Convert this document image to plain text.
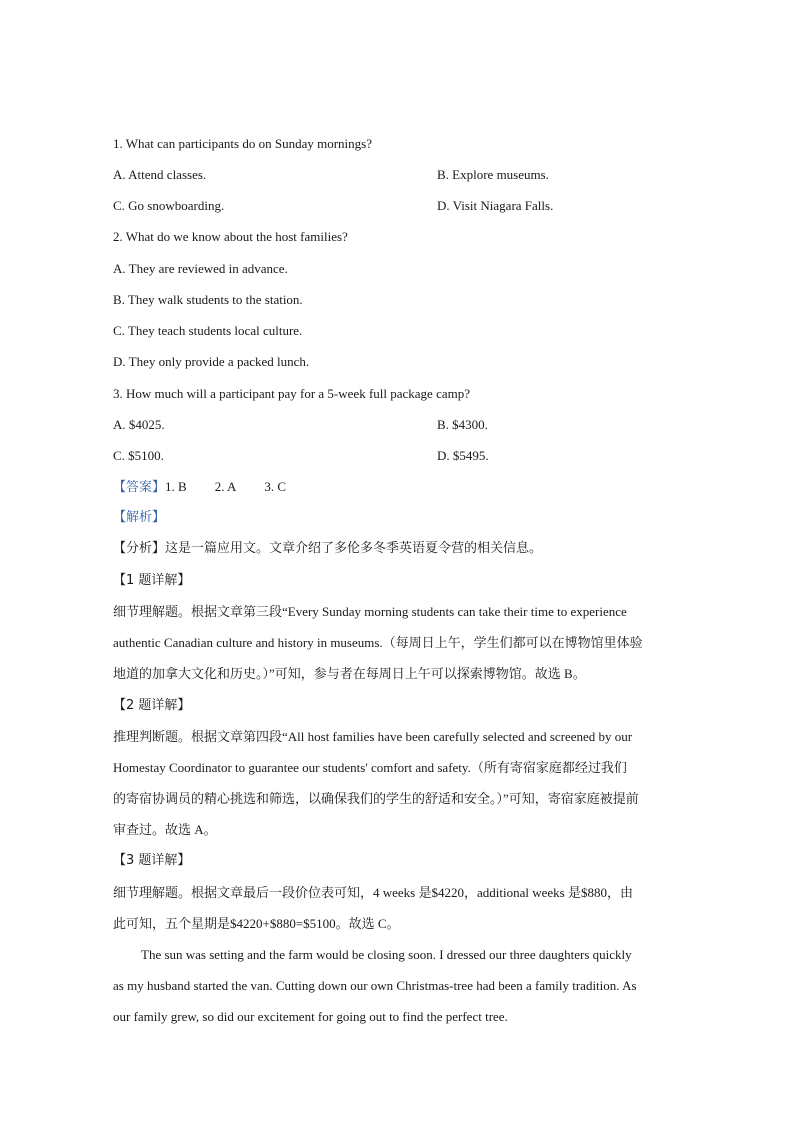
1. What can participants do on Sunday mornings?
A. Attend classes.	B. Explore museums.
C. Go snowboarding.	D. Visit Niagara Falls.
2. What do we know about the host families?
A. They are reviewed in advance.
B. They walk students to the station.
C. They teach students local culture.
D. They only provide a packed lunch.
3. How much will a participant pay for a 5-week full package camp?
A. $4025.	B. $4300.
C. $5100.	D. $5495.
【答案】1. B 2. A 3. C
【解析】
【分析】这是一篇应用文。文章介绍了多伦多冬季英语夏令营的相关信息。
【1 题详解】
细节理解题。根据文章第三段“Every Sunday morning students can take their time to experience
authentic Canadian culture and history in museums.（每周日上午，学生们都可以在博物馆里体验
地道的加拿大文化和历史。）”可知，参与者在每周日上午可以探索博物馆。故选 B。
【2 题详解】
推理判断题。根据文章第四段“All host families have been carefully selected and screened by our
Homestay Coordinator to guarantee our students' comfort and safety.（所有寄宿家庭都经过我们
的寄宿协调员的精心挑选和筛选，以确保我们的学生的舒适和安全。）”可知，寄宿家庭被提前
审查过。故选 A。
【3 题详解】
细节理解题。根据文章最后一段价位表可知，4 weeks 是$4220，additional weeks 是$880，由
此可知，五个星期是$4220+$880=$5100。故选 C。
The sun was setting and the farm would be closing soon. I dressed our three daughters quickly
as my husband started the van. Cutting down our own Christmas-tree had been a family tradition. As
our family grew, so did our excitement for going out to find the perfect tree.
